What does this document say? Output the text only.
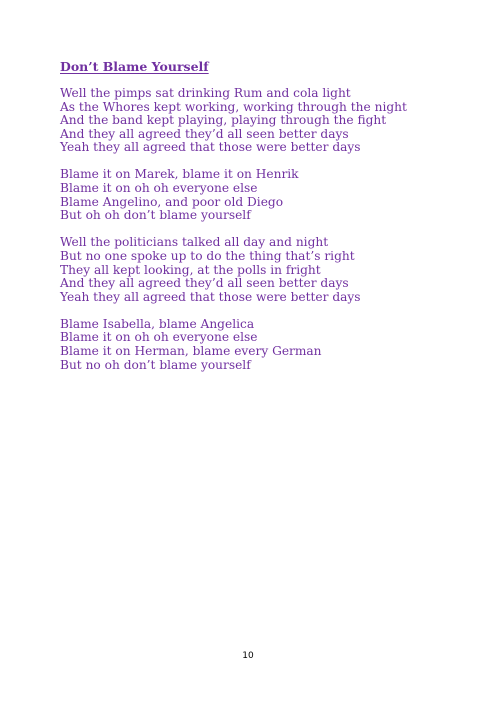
Don’t Blame Yourself
Well the pimps sat drinking Rum and cola light
As the Whores kept working, working through the night
And the band kept playing, playing through the fight
And they all agreed they’d all seen better days
Yeah they all agreed that those were better days
Blame it on Marek, blame it on Henrik
Blame it on oh oh everyone else
Blame Angelino, and poor old Diego
But oh oh don’t blame yourself
Well the politicians talked all day and night
But no one spoke up to do the thing that’s right
They all kept looking, at the polls in fright
And they all agreed they’d all seen better days
Yeah they all agreed that those were better days
Blame Isabella, blame Angelica
Blame it on oh oh everyone else
Blame it on Herman, blame every German
But no oh don’t blame yourself
10
